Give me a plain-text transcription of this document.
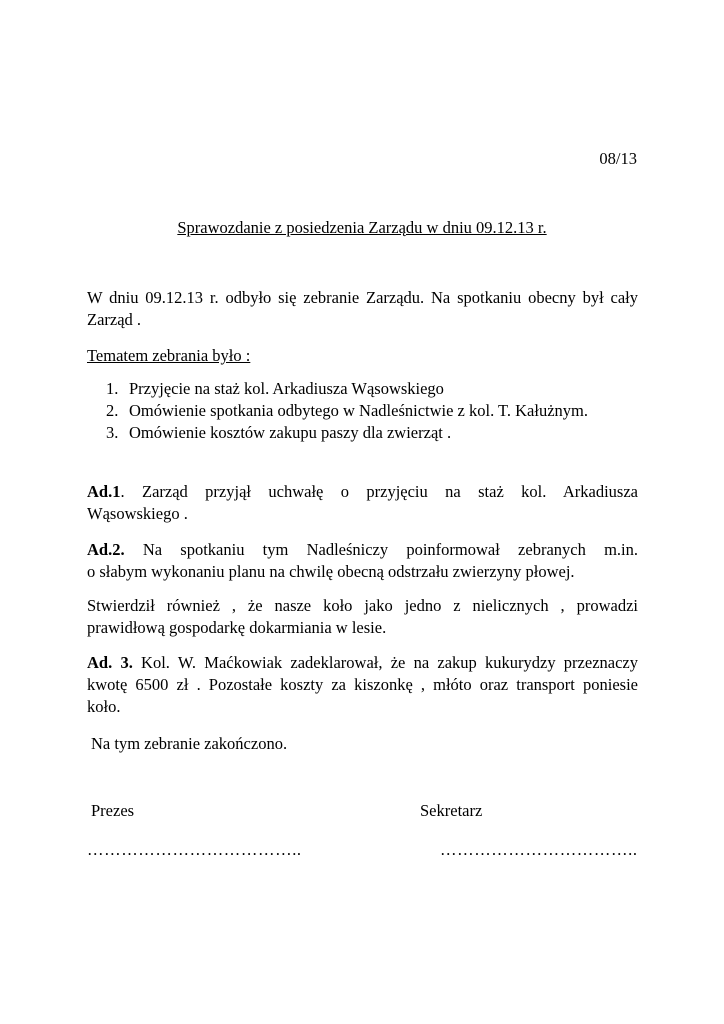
08/13

Sprawozdanie z posiedzenia Zarządu w dniu 09.12.13 r.

W dniu 09.12.13 r. odbyło się zebranie Zarządu. Na spotkaniu obecny był cały Zarząd .

Tematem zebrania było :

1. Przyjęcie na staż kol. Arkadiusza Wąsowskiego
2. Omówienie spotkania odbytego w Nadleśnictwie z kol. T. Kałużnym.
3. Omówienie kosztów zakupu paszy dla zwierząt .
Ad.1. Zarząd przyjął uchwałę o przyjęciu na staż kol. Arkadiusza
Wąsowskiego .
Ad.2. Na spotkaniu tym Nadleśniczy poinformował zebranych m.in.
o słabym wykonaniu planu na chwilę obecną odstrzału zwierzyny płowej.
Stwierdził również , że nasze koło jako jedno z nielicznych , prowadzi
prawidłową gospodarkę dokarmiania w lesie.
Ad. 3. Kol. W. Maćkowiak zadeklarował, że na zakup kukurydzy przeznaczy
kwotę 6500 zł . Pozostałe koszty za kiszonkę , młóto oraz transport poniesie
koło.

Na tym zebranie zakończono.

Prezes	Sekretarz

………………………………..	……………………………..
